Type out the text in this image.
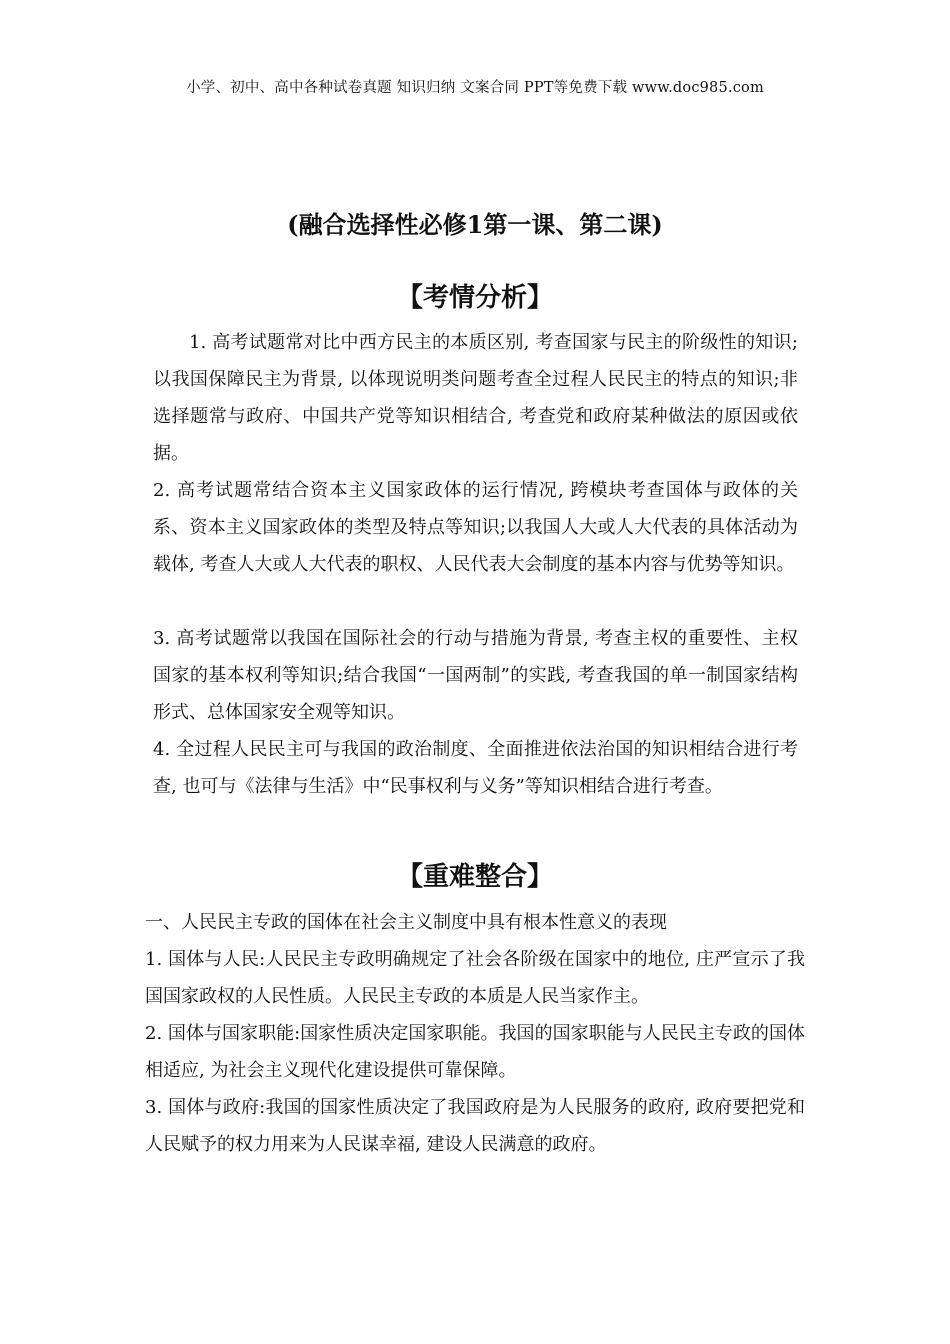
小学、初中、高中各种试卷真题 知识归纳 文案合同 PPT等免费下载 www.doc985.com
(融合选择性必修1第一课、第二课)
【考情分析】
1. 高考试题常对比中西方民主的本质区别, 考查国家与民主的阶级性的知识;以我国保障民主为背景, 以体现说明类问题考查全过程人民民主的特点的知识;非选择题常与政府、中国共产党等知识相结合, 考查党和政府某种做法的原因或依据。
2. 高考试题常结合资本主义国家政体的运行情况, 跨模块考查国体与政体的关系、资本主义国家政体的类型及特点等知识;以我国人大或人大代表的具体活动为载体, 考查人大或人大代表的职权、人民代表大会制度的基本内容与优势等知识。
3. 高考试题常以我国在国际社会的行动与措施为背景, 考查主权的重要性、主权国家的基本权利等知识;结合我国“一国两制”的实践, 考查我国的单一制国家结构形式、总体国家安全观等知识。
4. 全过程人民民主可与我国的政治制度、全面推进依法治国的知识相结合进行考查, 也可与《法律与生活》中“民事权利与义务”等知识相结合进行考查。
【重难整合】
一、人民民主专政的国体在社会主义制度中具有根本性意义的表现
1. 国体与人民:人民民主专政明确规定了社会各阶级在国家中的地位, 庄严宣示了我国国家政权的人民性质。人民民主专政的本质是人民当家作主。
2. 国体与国家职能:国家性质决定国家职能。我国的国家职能与人民民主专政的国体相适应, 为社会主义现代化建设提供可靠保障。
3. 国体与政府:我国的国家性质决定了我国政府是为人民服务的政府, 政府要把党和人民赋予的权力用来为人民谋幸福, 建设人民满意的政府。
